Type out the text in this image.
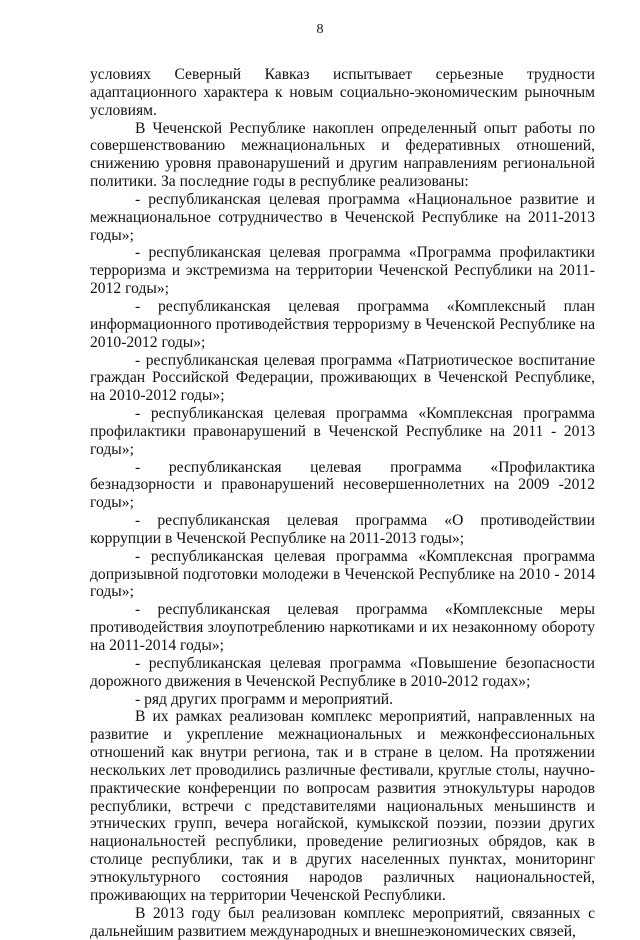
8

условиях Северный Кавказ испытывает серьезные трудности адаптационного характера к новым социально-экономическим рыночным условиям.

В Чеченской Республике накоплен определенный опыт работы по совершенствованию межнациональных и федеративных отношений, снижению уровня правонарушений и другим направлениям региональной политики. За последние годы в республике реализованы:

- республиканская целевая программа «Национальное развитие и межнациональное сотрудничество в Чеченской Республике на 2011-2013 годы»;

- республиканская целевая программа «Программа профилактики терроризма и экстремизма на территории Чеченской Республики на 2011-2012 годы»;

- республиканская целевая программа «Комплексный план информационного противодействия терроризму в Чеченской Республике на 2010-2012 годы»;

- республиканская целевая программа «Патриотическое воспитание граждан Российской Федерации, проживающих в Чеченской Республике, на 2010-2012 годы»;

- республиканская целевая программа «Комплексная программа профилактики правонарушений в Чеченской Республике на 2011 - 2013 годы»;

- республиканская целевая программа «Профилактика безнадзорности и правонарушений несовершеннолетних на 2009 -2012 годы»;

- республиканская целевая программа «О противодействии коррупции в Чеченской Республике на 2011-2013 годы»;

- республиканская целевая программа «Комплексная программа допризывной подготовки молодежи в Чеченской Республике на 2010 - 2014 годы»;

- республиканская целевая программа «Комплексные меры противодействия злоупотреблению наркотиками и их незаконному обороту на 2011-2014 годы»;

- республиканская целевая программа «Повышение безопасности дорожного движения в Чеченской Республике в 2010-2012 годах»;

- ряд других программ и мероприятий.

В их рамках реализован комплекс мероприятий, направленных на развитие и укрепление межнациональных и межконфессиональных отношений как внутри региона, так и в стране в целом. На протяжении нескольких лет проводились различные фестивали, круглые столы, научно-практические конференции по вопросам развития этнокультуры народов республики, встречи с представителями национальных меньшинств и этнических групп, вечера ногайской, кумыкской поэзии, поэзии других национальностей республики, проведение религиозных обрядов, как в столице республики, так и в других населенных пунктах, мониторинг этнокультурного состояния народов различных национальностей, проживающих на территории Чеченской Республики.

В 2013 году был реализован комплекс мероприятий, связанных с дальнейшим развитием международных и внешнеэкономических связей,
